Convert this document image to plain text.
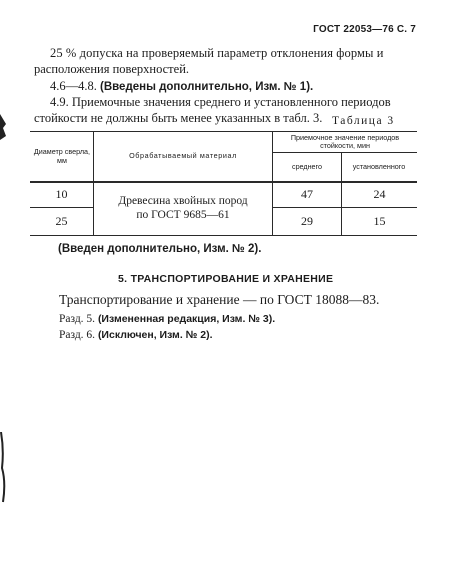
ГОСТ 22053—76 С. 7
25 % допуска на проверяемый параметр отклонения формы и
расположения поверхностей.
4.6—4.8. (Введены дополнительно, Изм. № 1).
4.9. Приемочные значения среднего и установленного периодов
стойкости не должны быть менее указанных в табл. 3. Таблица 3
Диаметр сверла, мм	Обрабатываемый материал
Приемочное значение периодов стойкости, мин
среднего	установленного
10
25
Древесина хвойных пород по ГОСТ 9685—61
47
29
24
15
(Введен дополнительно, Изм. № 2).
5. ТРАНСПОРТИРОВАНИЕ И ХРАНЕНИЕ
Транспортирование и хранение — по ГОСТ 18088—83.
Разд. 5. (Измененная редакция, Изм. № 3).
Разд. 6. (Исключен, Изм. № 2).
